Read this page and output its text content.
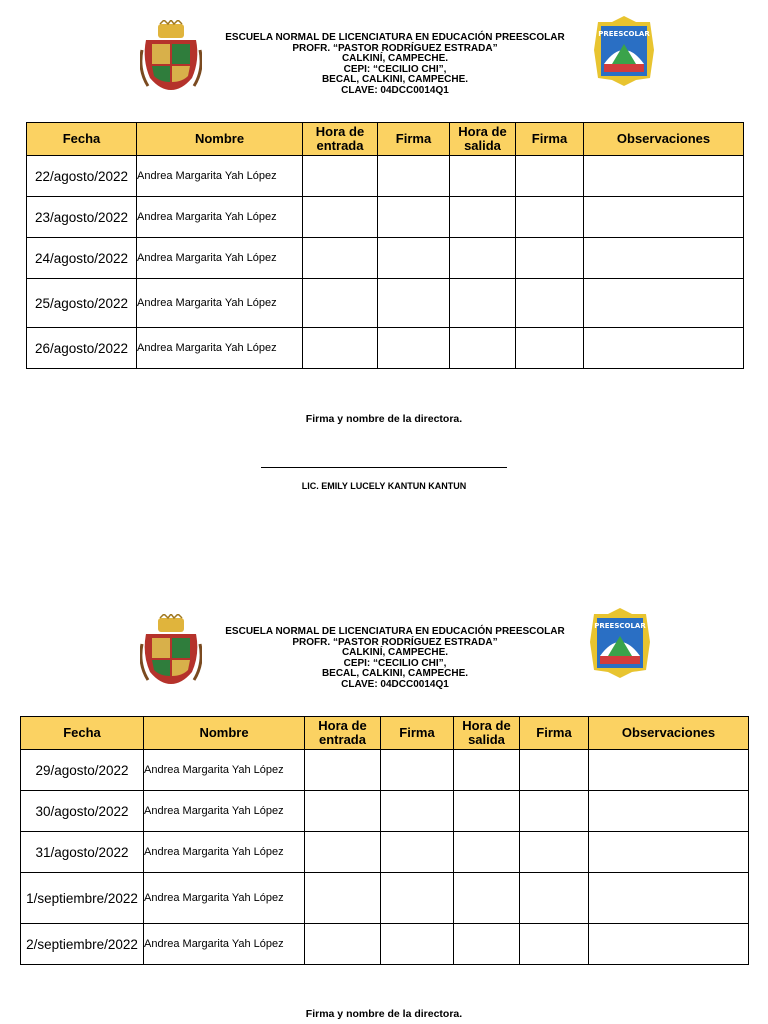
ESCUELA NORMAL DE LICENCIATURA EN EDUCACIÓN PREESCOLAR
PROFR. “PASTOR RODRÍGUEZ ESTRADA”
CALKINÍ, CAMPECHE.
CEPI: “CECILIO CHI”,
BECAL, CALKINI, CAMPECHE.
CLAVE: 04DCC0014Q1
PREESCOLAR
Fecha	Nombre	Hora de entrada	Firma	Hora de salida	Firma	Observaciones
22/agosto/2022	Andrea Margarita Yah López					
23/agosto/2022	Andrea Margarita Yah López					
24/agosto/2022	Andrea Margarita Yah López					
25/agosto/2022	Andrea Margarita Yah López					
26/agosto/2022	Andrea Margarita Yah López					
Firma y nombre de la directora.
LIC. EMILY LUCELY KANTUN KANTUN
ESCUELA NORMAL DE LICENCIATURA EN EDUCACIÓN PREESCOLAR
PROFR. “PASTOR RODRÍGUEZ ESTRADA”
CALKINÍ, CAMPECHE.
CEPI: “CECILIO CHI”,
BECAL, CALKINI, CAMPECHE.
CLAVE: 04DCC0014Q1
PREESCOLAR
Fecha	Nombre	Hora de entrada	Firma	Hora de salida	Firma	Observaciones
29/agosto/2022	Andrea Margarita Yah López					
30/agosto/2022	Andrea Margarita Yah López					
31/agosto/2022	Andrea Margarita Yah López					
1/septiembre/2022	Andrea Margarita Yah López					
2/septiembre/2022	Andrea Margarita Yah López					
Firma y nombre de la directora.
